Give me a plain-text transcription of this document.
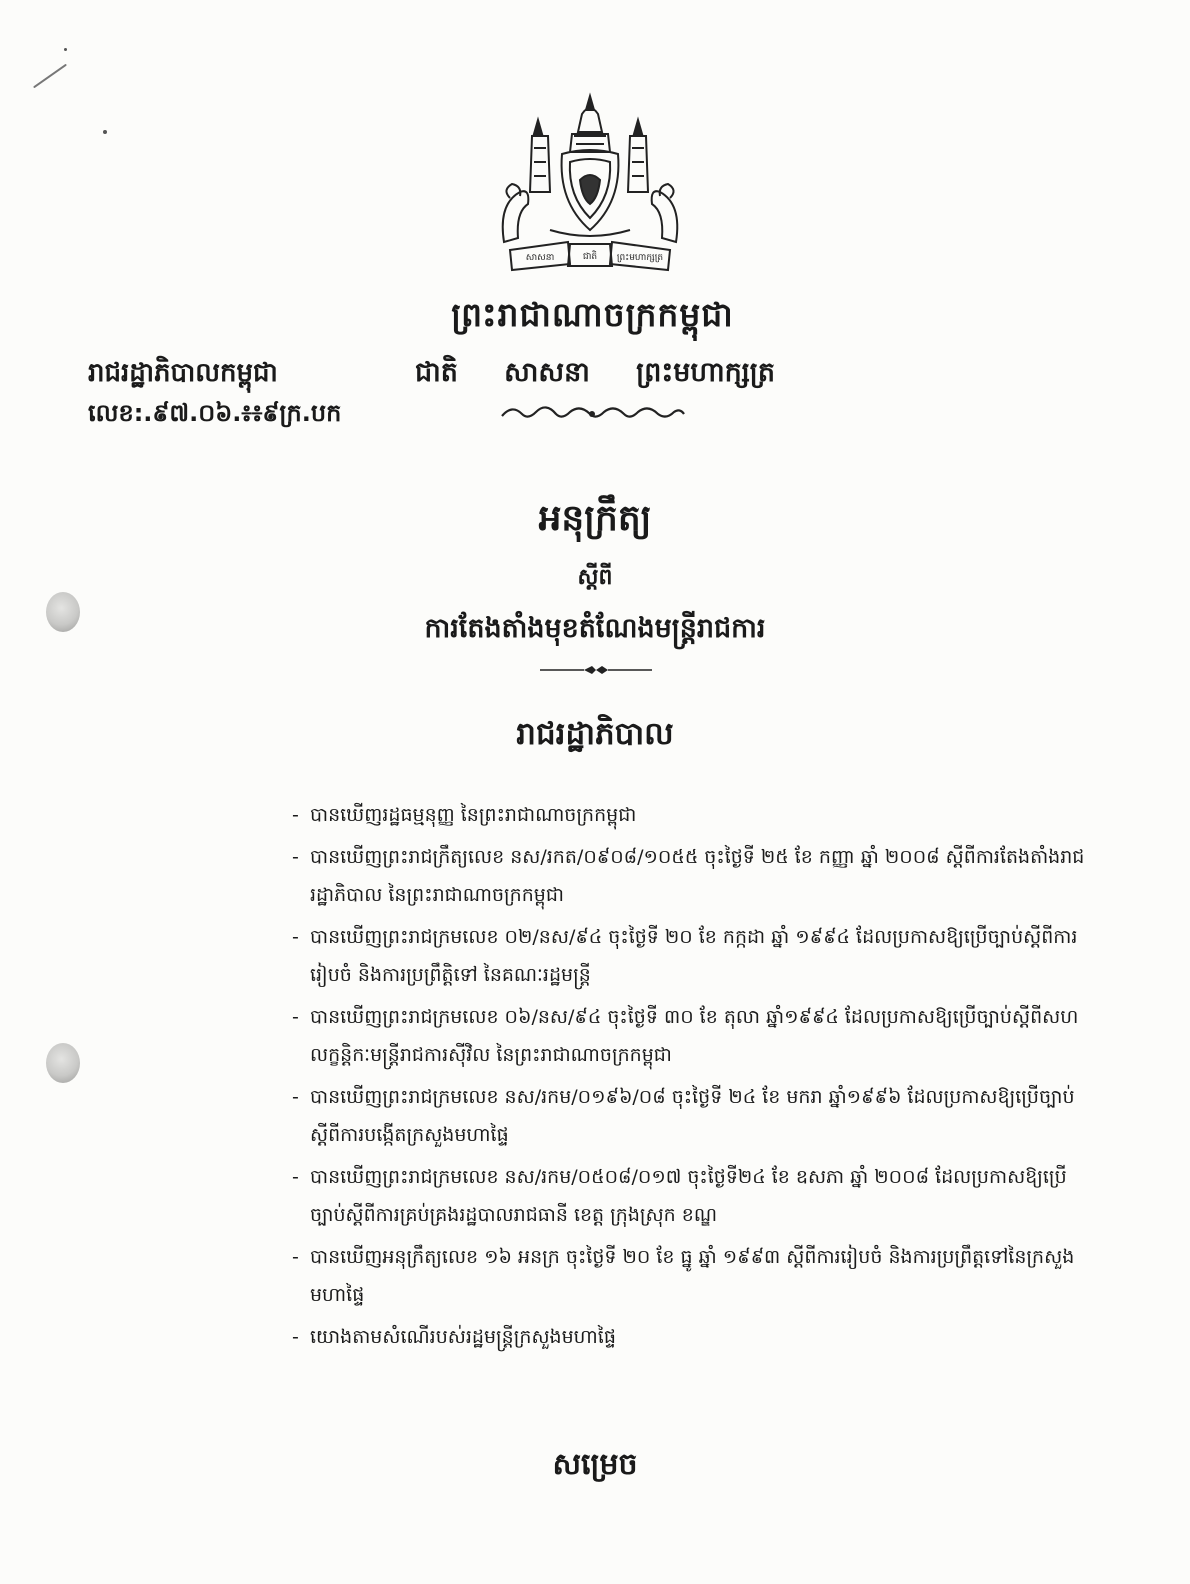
សាសនា	ជាតិ ព្រះមហាក្សត្រ
ព្រះរាជាណាចក្រកម្ពុជា
រាជរដ្ឋាភិបាលកម្ពុជា
លេខ:.៩៧.០៦.៖៖៩ក្រ.បក
ជាតិ សាសនា ព្រះមហាក្សត្រ
អនុក្រឹត្យ
ស្តីពី
ការតែងតាំងមុខតំណែងមន្ត្រីរាជការ
រាជរដ្ឋាភិបាល
- បានឃើញរដ្ឋធម្មនុញ្ញ នៃព្រះរាជាណាចក្រកម្ពុជា
- បានឃើញព្រះរាជក្រឹត្យលេខ នស/រកត/០៩០៨/១០៥៥ ចុះថ្ងៃទី ២៥ ខែ កញ្ញា ឆ្នាំ ២០០៨ ស្តីពីការតែងតាំងរាជរដ្ឋាភិបាល នៃព្រះរាជាណាចក្រកម្ពុជា
- បានឃើញព្រះរាជក្រមលេខ ០២/នស/៩៤ ចុះថ្ងៃទី ២០ ខែ កក្កដា ឆ្នាំ ១៩៩៤ ដែលប្រកាសឱ្យប្រើច្បាប់ស្តីពីការរៀបចំ និងការប្រព្រឹត្តិទៅ នៃគណៈរដ្ឋមន្ត្រី
- បានឃើញព្រះរាជក្រមលេខ ០៦/នស/៩៤ ចុះថ្ងៃទី ៣០ ខែ តុលា ឆ្នាំ១៩៩៤ ដែលប្រកាសឱ្យប្រើច្បាប់ស្តីពីសហលក្ខន្តិកៈមន្ត្រីរាជការស៊ីវិល នៃព្រះរាជាណាចក្រកម្ពុជា
- បានឃើញព្រះរាជក្រមលេខ នស/រកម/០១៩៦/០៨ ចុះថ្ងៃទី ២៤ ខែ មករា ឆ្នាំ១៩៩៦ ដែលប្រកាសឱ្យប្រើច្បាប់ស្តីពីការបង្កើតក្រសួងមហាផ្ទៃ
- បានឃើញព្រះរាជក្រមលេខ នស/រកម/០៥០៨/០១៧ ចុះថ្ងៃទី២៤ ខែ ឧសភា ឆ្នាំ ២០០៨ ដែលប្រកាសឱ្យប្រើច្បាប់ស្តីពីការគ្រប់គ្រងរដ្ឋបាលរាជធានី ខេត្ត ក្រុងស្រុក ខណ្ឌ
- បានឃើញអនុក្រឹត្យលេខ ១៦ អនក្រ ចុះថ្ងៃទី ២០ ខែ ធ្នូ ឆ្នាំ ១៩៩៣ ស្តីពីការរៀបចំ និងការប្រព្រឹត្តទៅនៃក្រសួងមហាផ្ទៃ
- យោងតាមសំណើរបស់រដ្ឋមន្ត្រីក្រសួងមហាផ្ទៃ
សម្រេច
